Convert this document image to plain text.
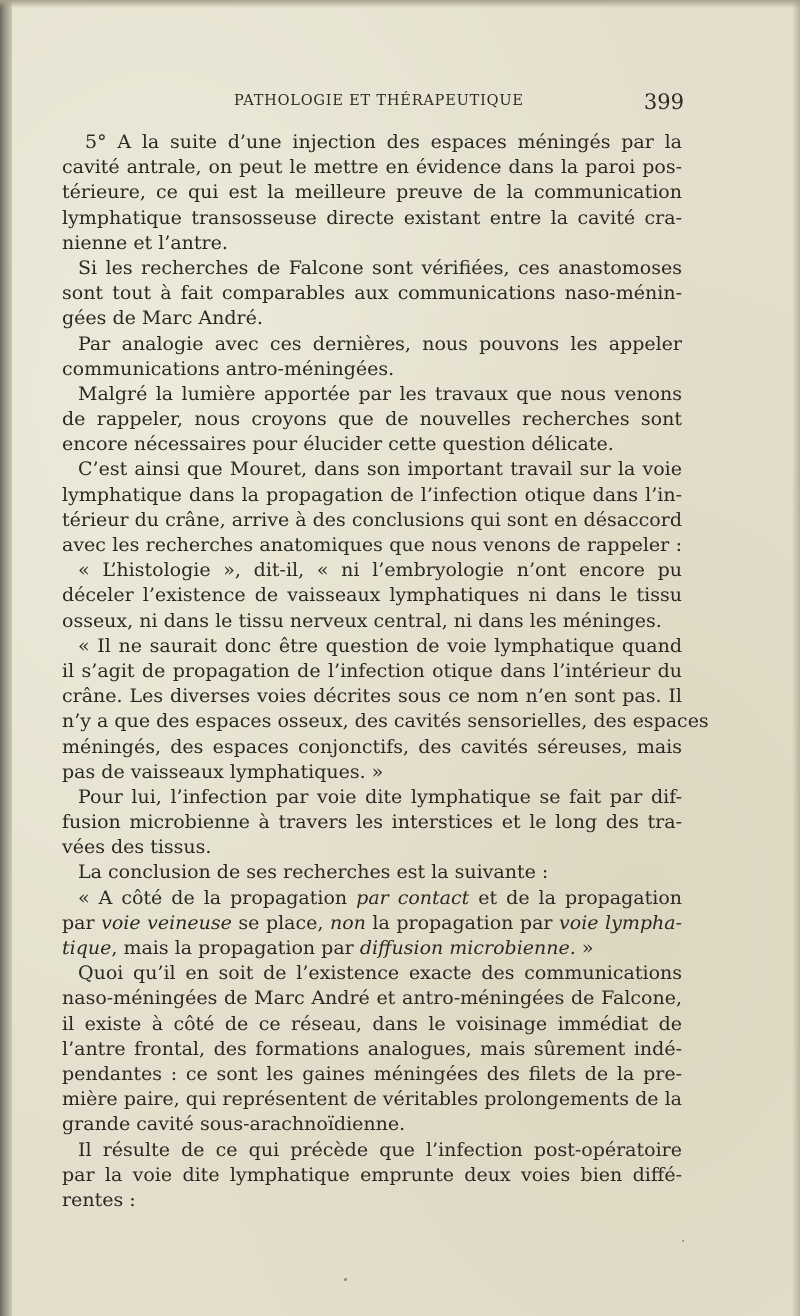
PATHOLOGIE ET THÉRAPEUTIQUE	399
5° A la suite d’une injection des espaces méningés par la
cavité antrale, on peut le mettre en évidence dans la paroi pos-
térieure, ce qui est la meilleure preuve de la communication
lymphatique transosseuse directe existant entre la cavité cra-
nienne et l’antre.
Si les recherches de Falcone sont vérifiées, ces anastomoses
sont tout à fait comparables aux communications naso-ménin-
gées de Marc André.
Par analogie avec ces dernières, nous pouvons les appeler
communications antro-méningées.
Malgré la lumière apportée par les travaux que nous venons
de rappeler, nous croyons que de nouvelles recherches sont
encore nécessaires pour élucider cette question délicate.
C’est ainsi que Mouret, dans son important travail sur la voie
lymphatique dans la propagation de l’infection otique dans l’in-
térieur du crâne, arrive à des conclusions qui sont en désaccord
avec les recherches anatomiques que nous venons de rappeler :
« L’histologie », dit-il, « ni l’embryologie n’ont encore pu
déceler l’existence de vaisseaux lymphatiques ni dans le tissu
osseux, ni dans le tissu nerveux central, ni dans les méninges.
« Il ne saurait donc être question de voie lymphatique quand
il s’agit de propagation de l’infection otique dans l’intérieur du
crâne. Les diverses voies décrites sous ce nom n’en sont pas. Il
n’y a que des espaces osseux, des cavités sensorielles, des espaces
méningés, des espaces conjonctifs, des cavités séreuses, mais
pas de vaisseaux lymphatiques. »
Pour lui, l’infection par voie dite lymphatique se fait par dif-
fusion microbienne à travers les interstices et le long des tra-
vées des tissus.
La conclusion de ses recherches est la suivante :
« A côté de la propagation par contact et de la propagation
par voie veineuse se place, non la propagation par voie lympha-
tique, mais la propagation par diffusion microbienne. »
Quoi qu’il en soit de l’existence exacte des communications
naso-méningées de Marc André et antro-méningées de Falcone,
il existe à côté de ce réseau, dans le voisinage immédiat de
l’antre frontal, des formations analogues, mais sûrement indé-
pendantes : ce sont les gaines méningées des filets de la pre-
mière paire, qui représentent de véritables prolongements de la
grande cavité sous-arachnoïdienne.
Il résulte de ce qui précède que l’infection post-opératoire
par la voie dite lymphatique emprunte deux voies bien diffé-
rentes :
